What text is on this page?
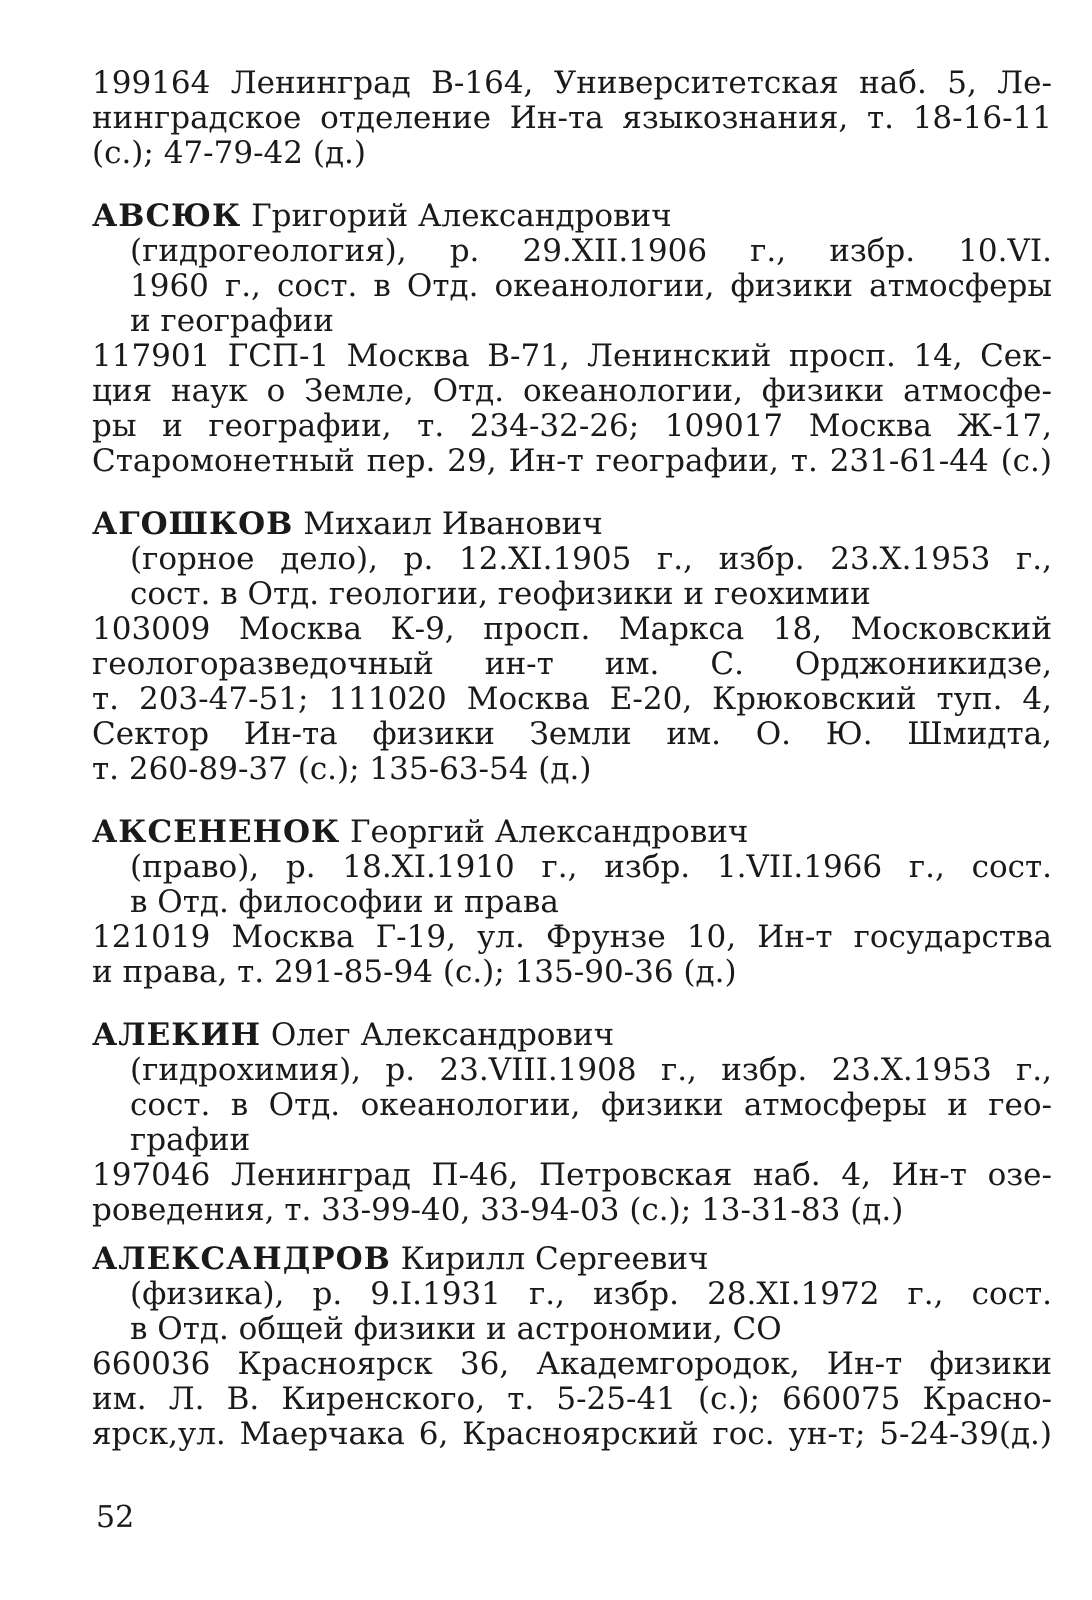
199164 Ленинград В-164, Университетская наб. 5, Ле-
нинградское отделение Ин-та языкознания, т. 18-16-11
(с.); 47-79-42 (д.)
АВСЮК Григорий Александрович
(гидрогеология), р. 29.XII.1906 г., избр. 10.VI.
1960 г., сост. в Отд. океанологии, физики атмосферы
и географии
117901 ГСП-1 Москва В-71, Ленинский просп. 14, Сек-
ция наук о Земле, Отд. океанологии, физики атмосфе-
ры и географии, т. 234-32-26; 109017 Москва Ж-17,
Старомонетный пер. 29, Ин-т географии, т. 231-61-44 (с.)
АГОШКОВ Михаил Иванович
(горное дело), р. 12.XI.1905 г., избр. 23.X.1953 г.,
сост. в Отд. геологии, геофизики и геохимии
103009 Москва К-9, просп. Маркса 18, Московский
геологоразведочный ин-т им. С. Орджоникидзе,
т. 203-47-51; 111020 Москва Е-20, Крюковский туп. 4,
Сектор Ин-та физики Земли им. О. Ю. Шмидта,
т. 260-89-37 (с.); 135-63-54 (д.)
АКСЕНЕНОК Георгий Александрович
(право), р. 18.XI.1910 г., избр. 1.VII.1966 г., сост.
в Отд. философии и права
121019 Москва Г-19, ул. Фрунзе 10, Ин-т государства
и права, т. 291-85-94 (с.); 135-90-36 (д.)
АЛЕКИН Олег Александрович
(гидрохимия), р. 23.VIII.1908 г., избр. 23.X.1953 г.,
сост. в Отд. океанологии, физики атмосферы и гео-
графии
197046 Ленинград П-46, Петровская наб. 4, Ин-т озе-
роведения, т. 33-99-40, 33-94-03 (с.); 13-31-83 (д.)
АЛЕКСАНДРОВ Кирилл Сергеевич
(физика), р. 9.I.1931 г., избр. 28.XI.1972 г., сост.
в Отд. общей физики и астрономии, СО
660036 Красноярск 36, Академгородок, Ин-т физики
им. Л. В. Киренского, т. 5-25-41 (с.); 660075 Красно-
ярск,ул. Маерчака 6, Красноярский гос. ун-т; 5-24-39(д.)
52
